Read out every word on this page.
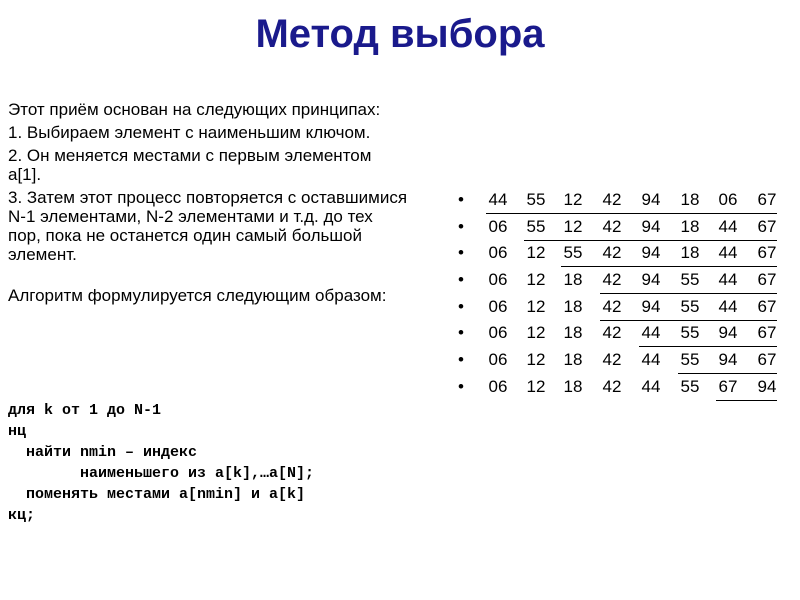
Метод выбора
Этот приём основан на следующих принципах:
1. Выбираем элемент с наименьшим ключом.
2. Он меняется местами с первым элементом a[1].
3. Затем этот процесс повторяется с оставшимися N-1 элементами, N-2 элементами и т.д. до тех пор, пока не останется один самый большой элемент.
Алгоритм формулируется следующим образом:
для k от 1 до N-1
нц
найти nmin – индекс
наименьшего из a[k],…a[N];
поменять местами a[nmin] и a[k]
кц;
• 44 55 12 42 94 18 06 67
• 06 55 12 42 94 18 44 67
• 06 12 55 42 94 18 44 67
• 06 12 18 42 94 55 44 67
• 06 12 18 42 94 55 44 67
• 06 12 18 42 44 55 94 67
• 06 12 18 42 44 55 94 67
• 06 12 18 42 44 55 67 94
